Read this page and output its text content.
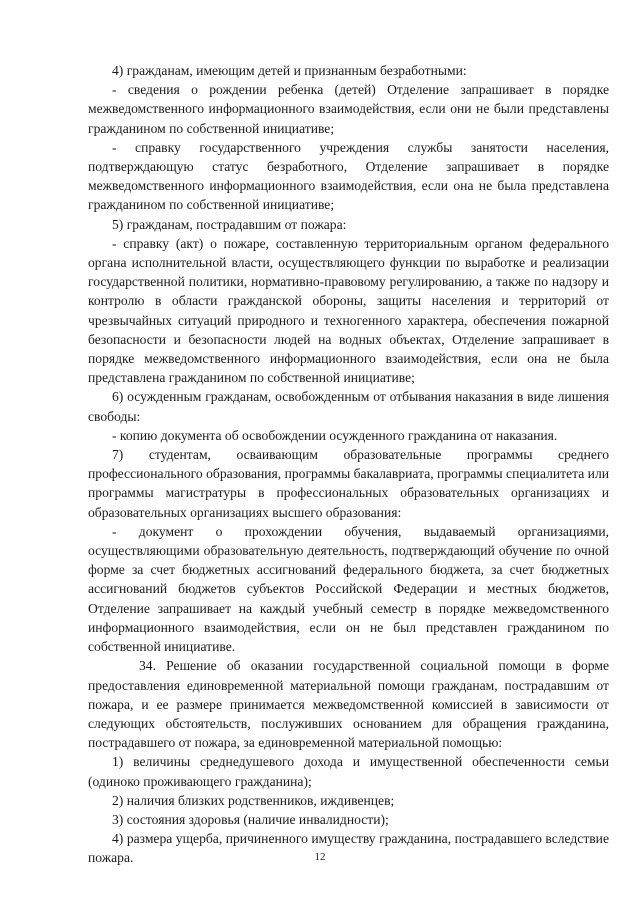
4) гражданам, имеющим детей и признанным безработными:

- сведения о рождении ребенка (детей) Отделение запрашивает в порядке межведомственного информационного взаимодействия, если они не были представлены гражданином по собственной инициативе;

- справку государственного учреждения службы занятости населения, подтверждающую статус безработного, Отделение запрашивает в порядке межведомственного информационного взаимодействия, если она не была представлена гражданином по собственной инициативе;

5) гражданам, пострадавшим от пожара:

- справку (акт) о пожаре, составленную территориальным органом федерального органа исполнительной власти, осуществляющего функции по выработке и реализации государственной политики, нормативно-правовому регулированию, а также по надзору и контролю в области гражданской обороны, защиты населения и территорий от чрезвычайных ситуаций природного и техногенного характера, обеспечения пожарной безопасности и безопасности людей на водных объектах, Отделение запрашивает в порядке межведомственного информационного взаимодействия, если она не была представлена гражданином по собственной инициативе;

6) осужденным гражданам, освобожденным от отбывания наказания в виде лишения свободы:

- копию документа об освобождении осужденного гражданина от наказания.

7) студентам, осваивающим образовательные программы среднего профессионального образования, программы бакалавриата, программы специалитета или программы магистратуры в профессиональных образовательных организациях и образовательных организациях высшего образования:

- документ о прохождении обучения, выдаваемый организациями, осуществляющими образовательную деятельность, подтверждающий обучение по очной форме за счет бюджетных ассигнований федерального бюджета, за счет бюджетных ассигнований бюджетов субъектов Российской Федерации и местных бюджетов, Отделение запрашивает на каждый учебный семестр в порядке межведомственного информационного взаимодействия, если он не был представлен гражданином по собственной инициативе.

34. Решение об оказании государственной социальной помощи в форме предоставления единовременной материальной помощи гражданам, пострадавшим от пожара, и ее размере принимается межведомственной комиссией в зависимости от следующих обстоятельств, послуживших основанием для обращения гражданина, пострадавшего от пожара, за единовременной материальной помощью:

1) величины среднедушевого дохода и имущественной обеспеченности семьи (одиноко проживающего гражданина);

2) наличия близких родственников, иждивенцев;

3) состояния здоровья (наличие инвалидности);

4) размера ущерба, причиненного имуществу гражданина, пострадавшего вследствие пожара.	12
